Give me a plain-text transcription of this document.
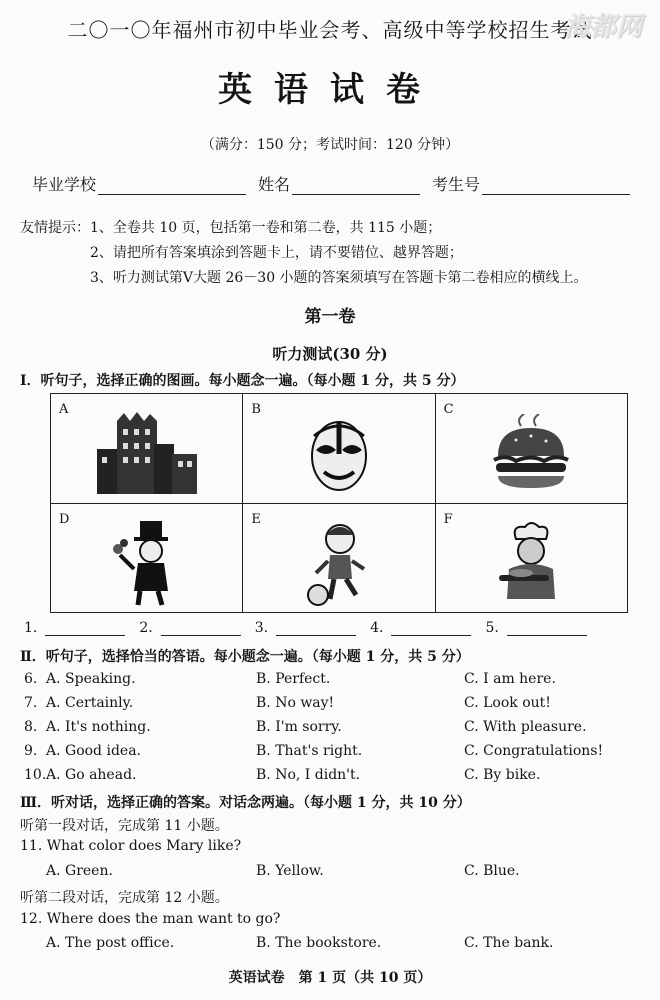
二〇一〇年福州市初中毕业会考、高级中等学校招生考试
海都网
英语试卷
（满分：150 分；考试时间：120 分钟）
毕业学校	姓名	考生号
友情提示：1、全卷共 10 页，包括第一卷和第二卷，共 115 小题；
2、请把所有答案填涂到答题卡上，请不要错位、越界答题；
3、听力测试第Ⅴ大题 26－30 小题的答案须填写在答题卡第二卷相应的横线上。
第一卷
听力测试(30 分)
Ⅰ．听句子，选择正确的图画。每小题念一遍。（每小题 1 分，共 5 分）
A	B	C

D	E	F
1.	2.	3.	4.	5.
Ⅱ．听句子，选择恰当的答语。每小题念一遍。（每小题 1 分，共 5 分）
6. A. Speaking.	B. Perfect.	C. I am here.
7. A. Certainly.	B. No way!	C. Look out!
8. A. It's nothing.	B. I'm sorry.	C. With pleasure.
9. A. Good idea.	B. That's right.	C. Congratulations!
10. A. Go ahead.	B. No, I didn't.	C. By bike.
Ⅲ．听对话，选择正确的答案。对话念两遍。（每小题 1 分，共 10 分）
听第一段对话，完成第 11 小题。
11. What color does Mary like?
A. Green.	B. Yellow.	C. Blue.
听第二段对话，完成第 12 小题。
12. Where does the man want to go?
A. The post office.	B. The bookstore.	C. The bank.
英语试卷　第 1 页（共 10 页）
